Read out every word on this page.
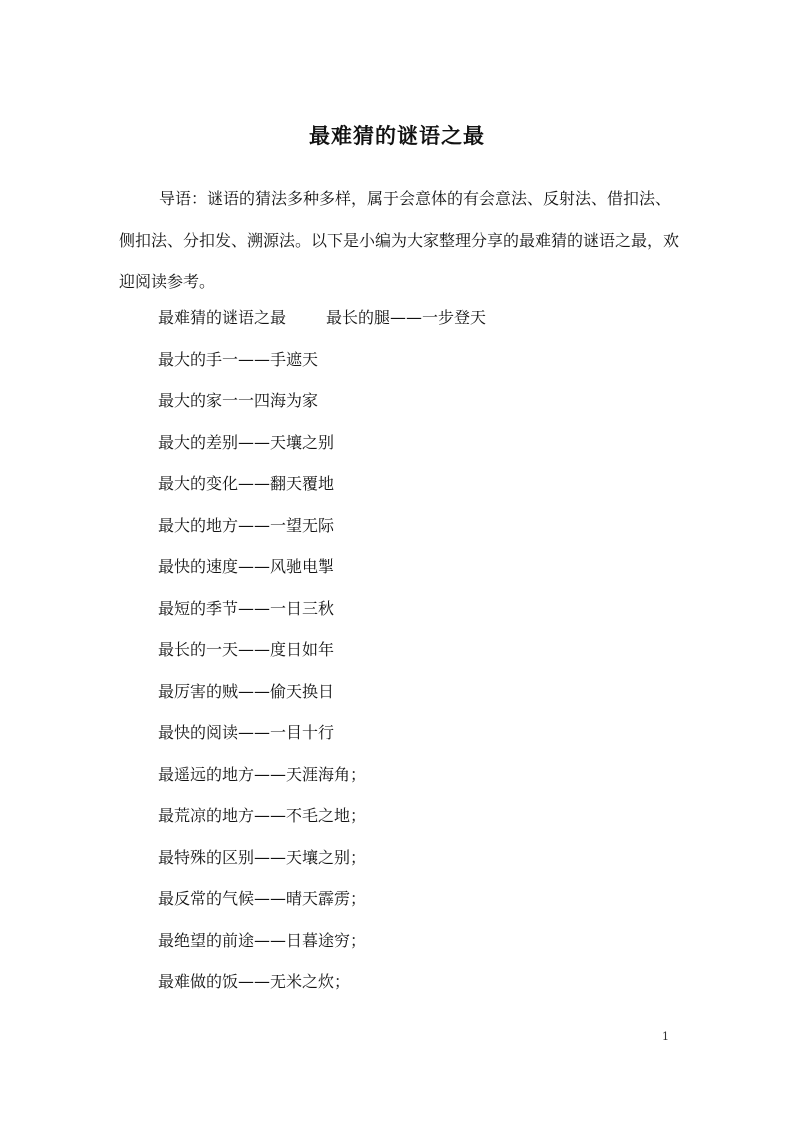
最难猜的谜语之最

导语：谜语的猜法多种多样，属于会意体的有会意法、反射法、借扣法、侧扣法、分扣发、溯源法。以下是小编为大家整理分享的最难猜的谜语之最，欢迎阅读参考。

最难猜的谜语之最	最长的腿——一步登天
最大的手一——手遮天
最大的家一一四海为家
最大的差别——天壤之别
最大的变化——翻天覆地
最大的地方——一望无际
最快的速度——风驰电掣
最短的季节——一日三秋
最长的一天——度日如年
最厉害的贼——偷天换日
最快的阅读——一目十行
最遥远的地方——天涯海角；
最荒凉的地方——不毛之地；
最特殊的区别——天壤之别；
最反常的气候——晴天霹雳；
最绝望的前途——日暮途穷；
最难做的饭——无米之炊；
1
